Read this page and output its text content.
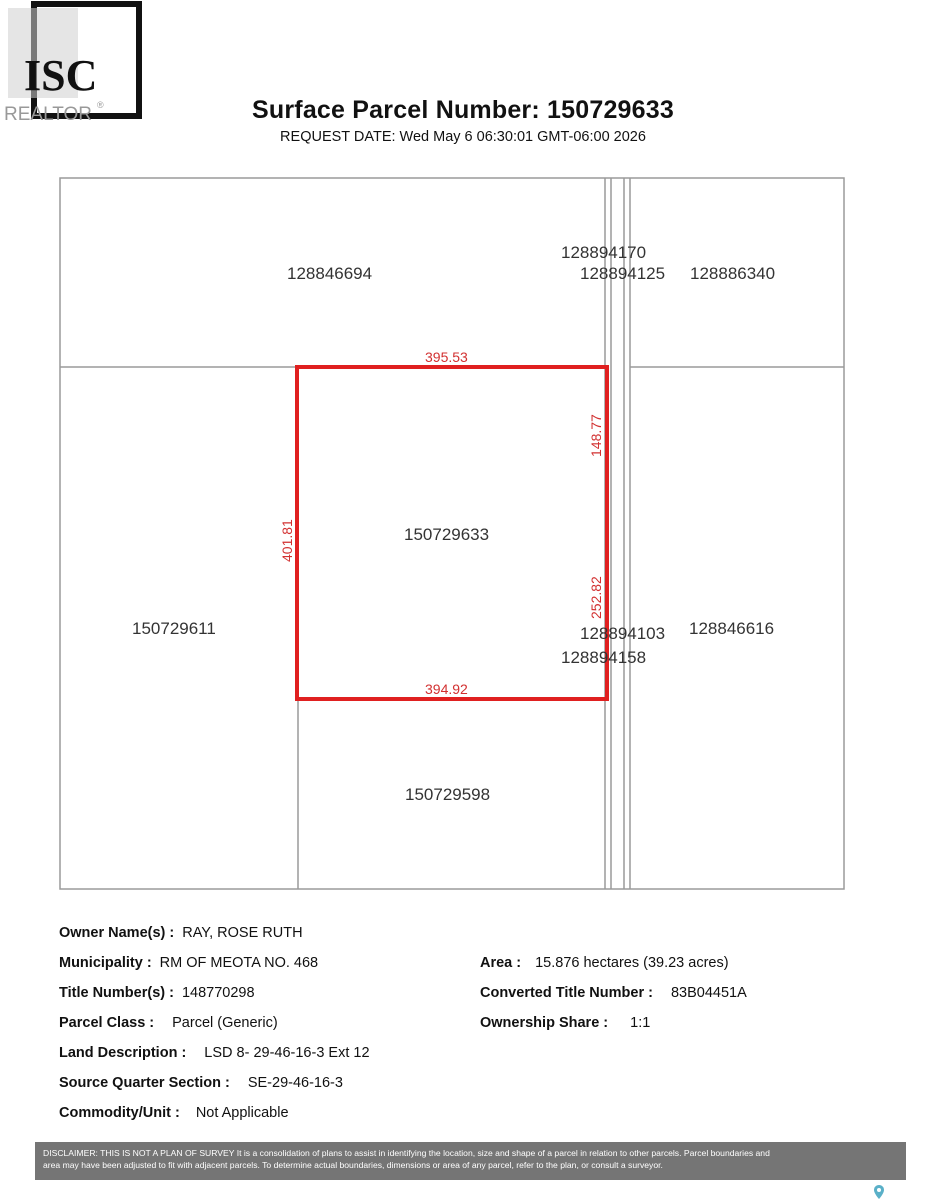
ISC
REALTOR ®	Surface Parcel Number: 150729633
REQUEST DATE: Wed May 6 06:30:01 GMT-06:00 2026
128846694
128894170
128894125 128886340
150729633
150729611	128894103
128894158
128846616
150729598
395.53
394.92
401.81
148.77
252.82
Owner Name(s) : RAY, ROSE RUTH
Municipality : RM OF MEOTA NO. 468
Title Number(s) : 148770298
Parcel Class : Parcel (Generic)
Land Description : LSD 8- 29-46-16-3 Ext 12
Source Quarter Section : SE-29-46-16-3
Commodity/Unit : Not Applicable
Area : 15.876 hectares (39.23 acres)
Converted Title Number : 83B04451A
Ownership Share : 1:1
DISCLAIMER: THIS IS NOT A PLAN OF SURVEY It is a consolidation of plans to assist in identifying the location, size and shape of a parcel in relation to other parcels. Parcel boundaries and
area may have been adjusted to fit with adjacent parcels. To determine actual boundaries, dimensions or area of any parcel, refer to the plan, or consult a surveyor.
